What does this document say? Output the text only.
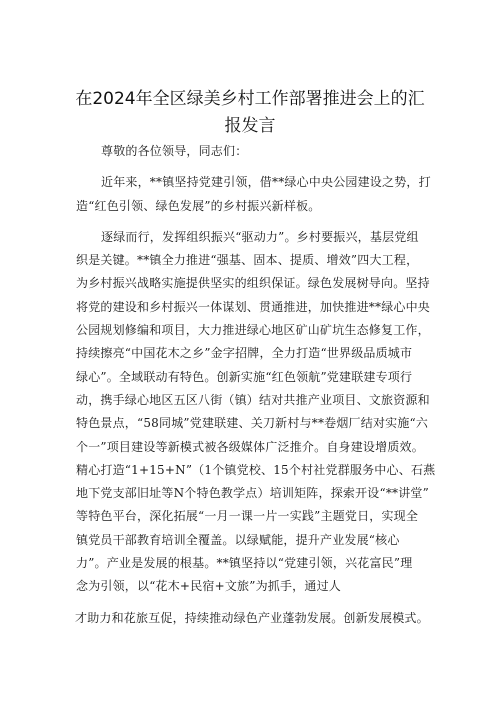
在2024年全区绿美乡村工作部署推进会上的汇
报发言
尊敬的各位领导，同志们：
近年来，**镇坚持党建引领，借**绿心中央公园建设之势，打
造“红色引领、绿色发展”的乡村振兴新样板。
逐绿而行，发挥组织振兴“驱动力”。乡村要振兴，基层党组
织是关键。**镇全力推进“强基、固本、提质、增效”四大工程，
为乡村振兴战略实施提供坚实的组织保证。绿色发展树导向。坚持
将党的建设和乡村振兴一体谋划、贯通推进，加快推进**绿心中央
公园规划修编和项目，大力推进绿心地区矿山矿坑生态修复工作，
持续擦亮“中国花木之乡”金字招牌，全力打造“世界级品质城市
绿心”。全域联动有特色。创新实施“红色领航”党建联建专项行
动，携手绿心地区五区八街（镇）结对共推产业项目、文旅资源和
特色景点，“58同城”党建联建、关刀新村与**卷烟厂结对实施“六
个一”项目建设等新模式被各级媒体广泛推介。自身建设增质效。
精心打造“1+15+N”（1个镇党校、15个村社党群服务中心、石燕
地下党支部旧址等N个特色教学点）培训矩阵，探索开设“**讲堂”
等特色平台，深化拓展“一月一课一片一实践”主题党日，实现全
镇党员干部教育培训全覆盖。以绿赋能，提升产业发展“核心
力”。产业是发展的根基。**镇坚持以“党建引领，兴花富民”理
念为引领，以“花木+民宿+文旅”为抓手，通过人
才助力和花旅互促，持续推动绿色产业蓬勃发展。创新发展模式。
